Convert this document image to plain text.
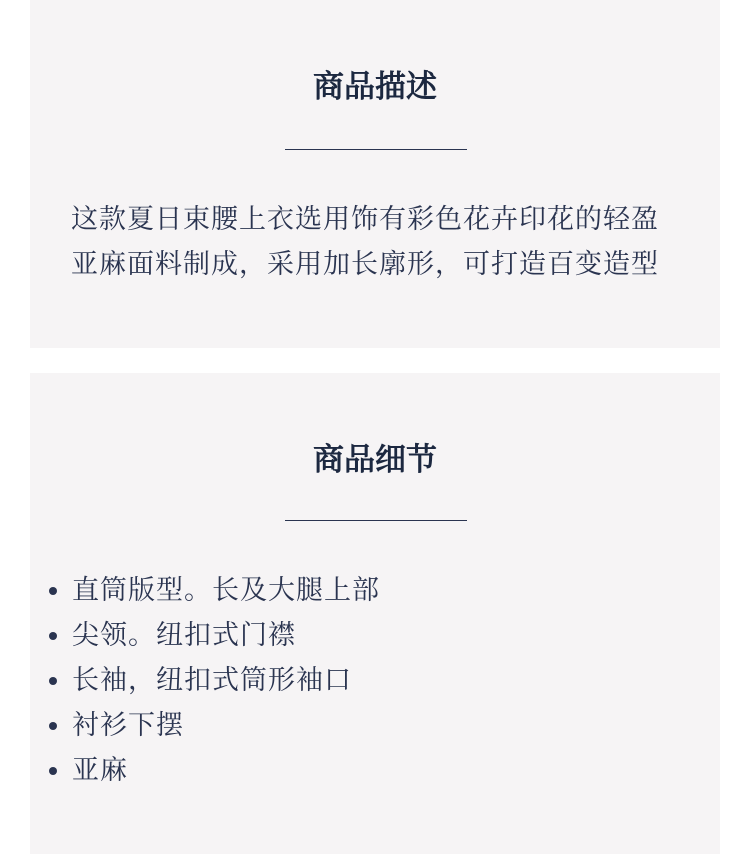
商品描述

这款夏日束腰上衣选用饰有彩色花卉印花的轻盈亚麻面料制成，采用加长廓形，可打造百变造型

商品细节
直筒版型。长及大腿上部
尖领。纽扣式门襟
长袖，纽扣式筒形袖口
衬衫下摆
亚麻
